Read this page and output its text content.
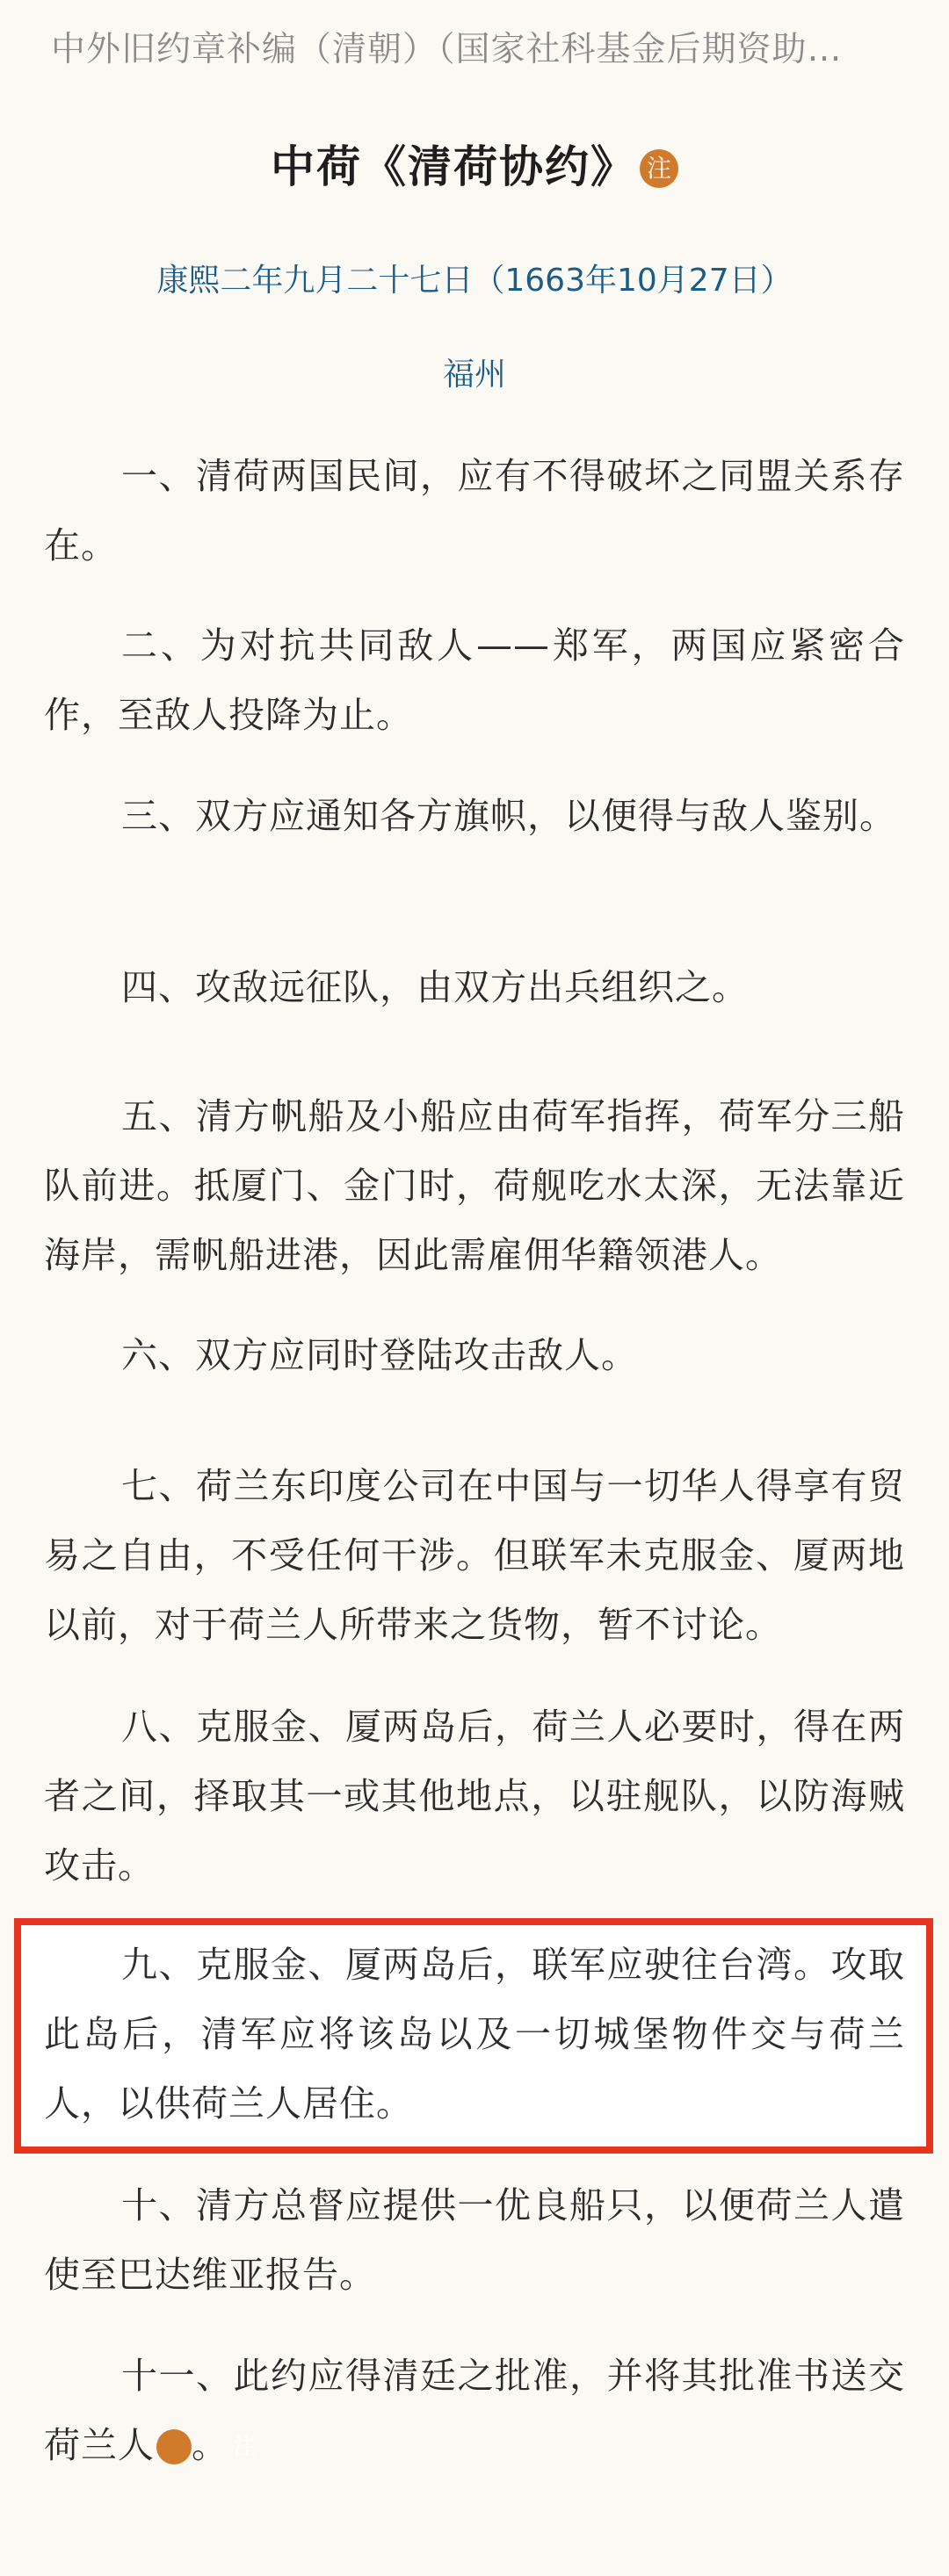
中外旧约章补编（清朝）（国家社科基金后期资助…
中荷《清荷协约》 注
康熙二年九月二十七日（1663年10月27日）
福州

一、清荷两国民间，应有不得破坏之同盟关系存在。

二、为对抗共同敌人——郑军，两国应紧密合作，至敌人投降为止。

三、双方应通知各方旗帜，以便得与敌人鉴别。

四、攻敌远征队，由双方出兵组织之。

五、清方帆船及小船应由荷军指挥，荷军分三船队前进。抵厦门、金门时，荷舰吃水太深，无法靠近海岸，需帆船进港，因此需雇佣华籍领港人。

六、双方应同时登陆攻击敌人。

七、荷兰东印度公司在中国与一切华人得享有贸易之自由，不受任何干涉。但联军未克服金、厦两地以前，对于荷兰人所带来之货物，暂不讨论。

八、克服金、厦两岛后，荷兰人必要时，得在两者之间，择取其一或其他地点，以驻舰队，以防海贼攻击。

九、克服金、厦两岛后，联军应驶往台湾。攻取此岛后，清军应将该岛以及一切城堡物件交与荷兰人，以供荷兰人居住。

十、清方总督应提供一优良船只，以便荷兰人遣使至巴达维亚报告。

十一、此约应得清廷之批准，并将其批准书送交荷兰人	注。
